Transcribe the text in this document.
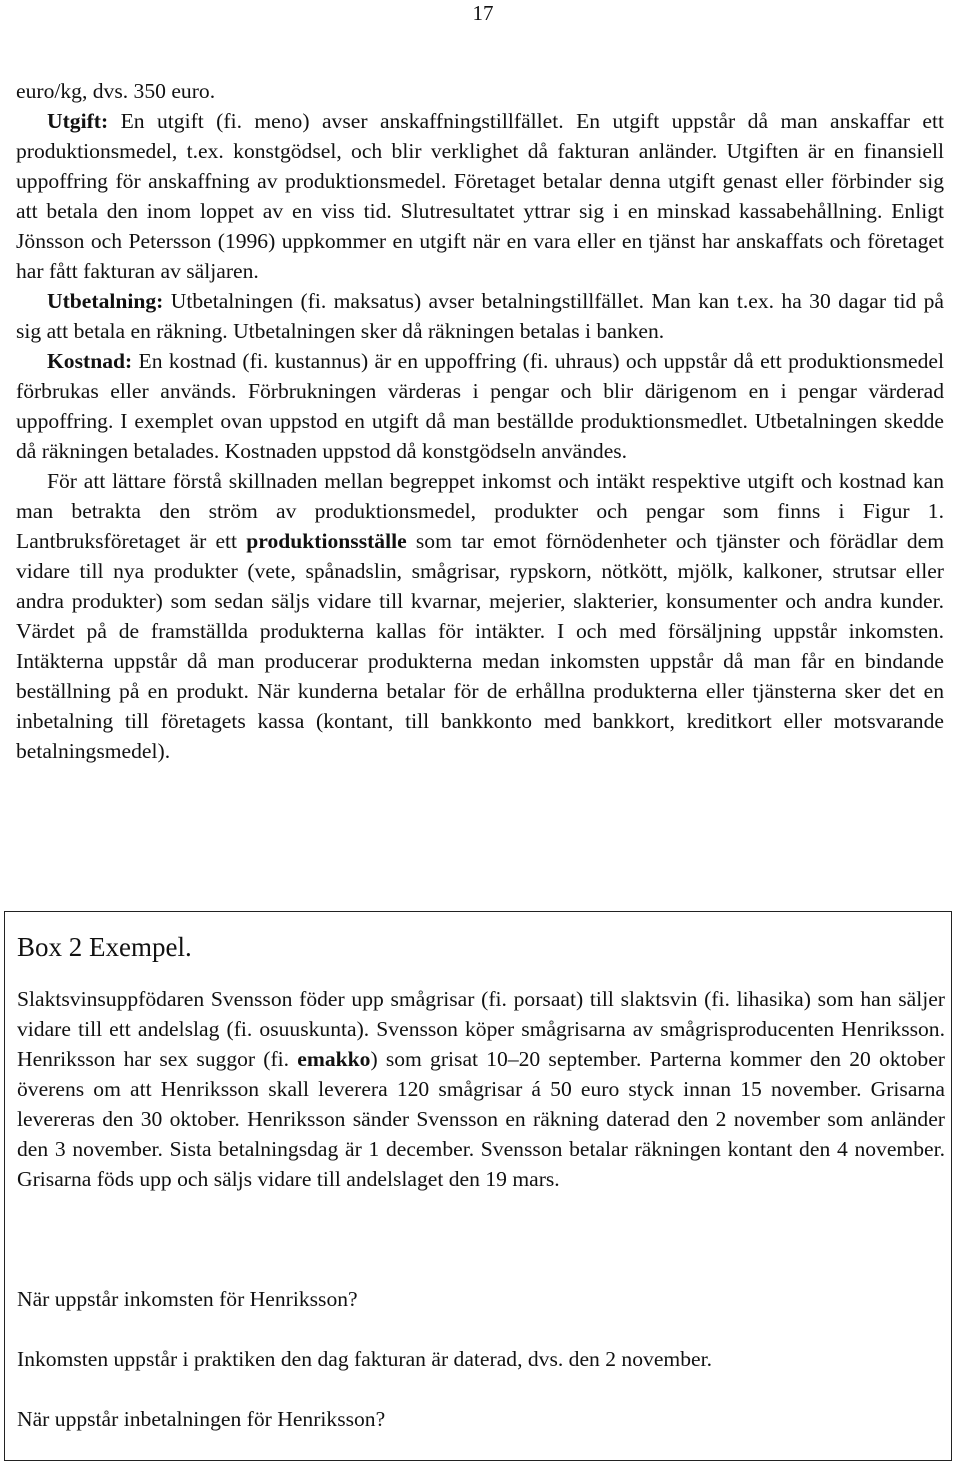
17

euro/kg, dvs. 350 euro.

Utgift: En utgift (fi. meno) avser anskaffningstillfället. En utgift uppstår då man anskaffar ett produktionsmedel, t.ex. konstgödsel, och blir verklighet då fakturan anländer. Utgiften är en finansiell uppoffring för anskaffning av produktionsmedel. Företaget betalar denna utgift genast eller förbinder sig att betala den inom loppet av en viss tid. Slutresultatet yttrar sig i en minskad kassabehållning. Enligt Jönsson och Petersson (1996) uppkommer en utgift när en vara eller en tjänst har anskaffats och företaget har fått fakturan av säljaren.

Utbetalning: Utbetalningen (fi. maksatus) avser betalningstillfället. Man kan t.ex. ha 30 dagar tid på sig att betala en räkning. Utbetalningen sker då räkningen betalas i banken.

Kostnad: En kostnad (fi. kustannus) är en uppoffring (fi. uhraus) och uppstår då ett produktionsmedel förbrukas eller används. Förbrukningen värderas i pengar och blir därigenom en i pengar värderad uppoffring. I exemplet ovan uppstod en utgift då man beställde produktionsmedlet. Utbetalningen skedde då räkningen betalades. Kostnaden uppstod då konstgödseln användes.

För att lättare förstå skillnaden mellan begreppet inkomst och intäkt respektive utgift och kostnad kan man betrakta den ström av produktionsmedel, produkter och pengar som finns i Figur 1. Lantbruksföretaget är ett produktionsställe som tar emot förnödenheter och tjänster och förädlar dem vidare till nya produkter (vete, spånadslin, smågrisar, rypskorn, nötkött, mjölk, kalkoner, strutsar eller andra produkter) som sedan säljs vidare till kvarnar, mejerier, slakterier, konsumenter och andra kunder. Värdet på de framställda produkterna kallas för intäkter. I och med försäljning uppstår inkomsten. Intäkterna uppstår då man producerar produkterna medan inkomsten uppstår då man får en bindande beställning på en produkt. När kunderna betalar för de erhållna produkterna eller tjänsterna sker det en inbetalning till företagets kassa (kontant, till bankkonto med bankkort, kreditkort eller motsvarande betalningsmedel).

Box 2 Exempel.

Slaktsvinsuppfödaren Svensson föder upp smågrisar (fi. porsaat) till slaktsvin (fi. lihasika) som han säljer vidare till ett andelslag (fi. osuuskunta). Svensson köper smågrisarna av smågrisproducenten Henriksson. Henriksson har sex suggor (fi. emakko) som grisat 10–20 september. Parterna kommer den 20 oktober överens om att Henriksson skall leverera 120 smågrisar á 50 euro styck innan 15 november. Grisarna levereras den 30 oktober. Henriksson sänder Svensson en räkning daterad den 2 november som anländer den 3 november. Sista betalningsdag är 1 december. Svensson betalar räkningen kontant den 4 november. Grisarna föds upp och säljs vidare till andelslaget den 19 mars.

När uppstår inkomsten för Henriksson?

Inkomsten uppstår i praktiken den dag fakturan är daterad, dvs. den 2 november.

När uppstår inbetalningen för Henriksson?
